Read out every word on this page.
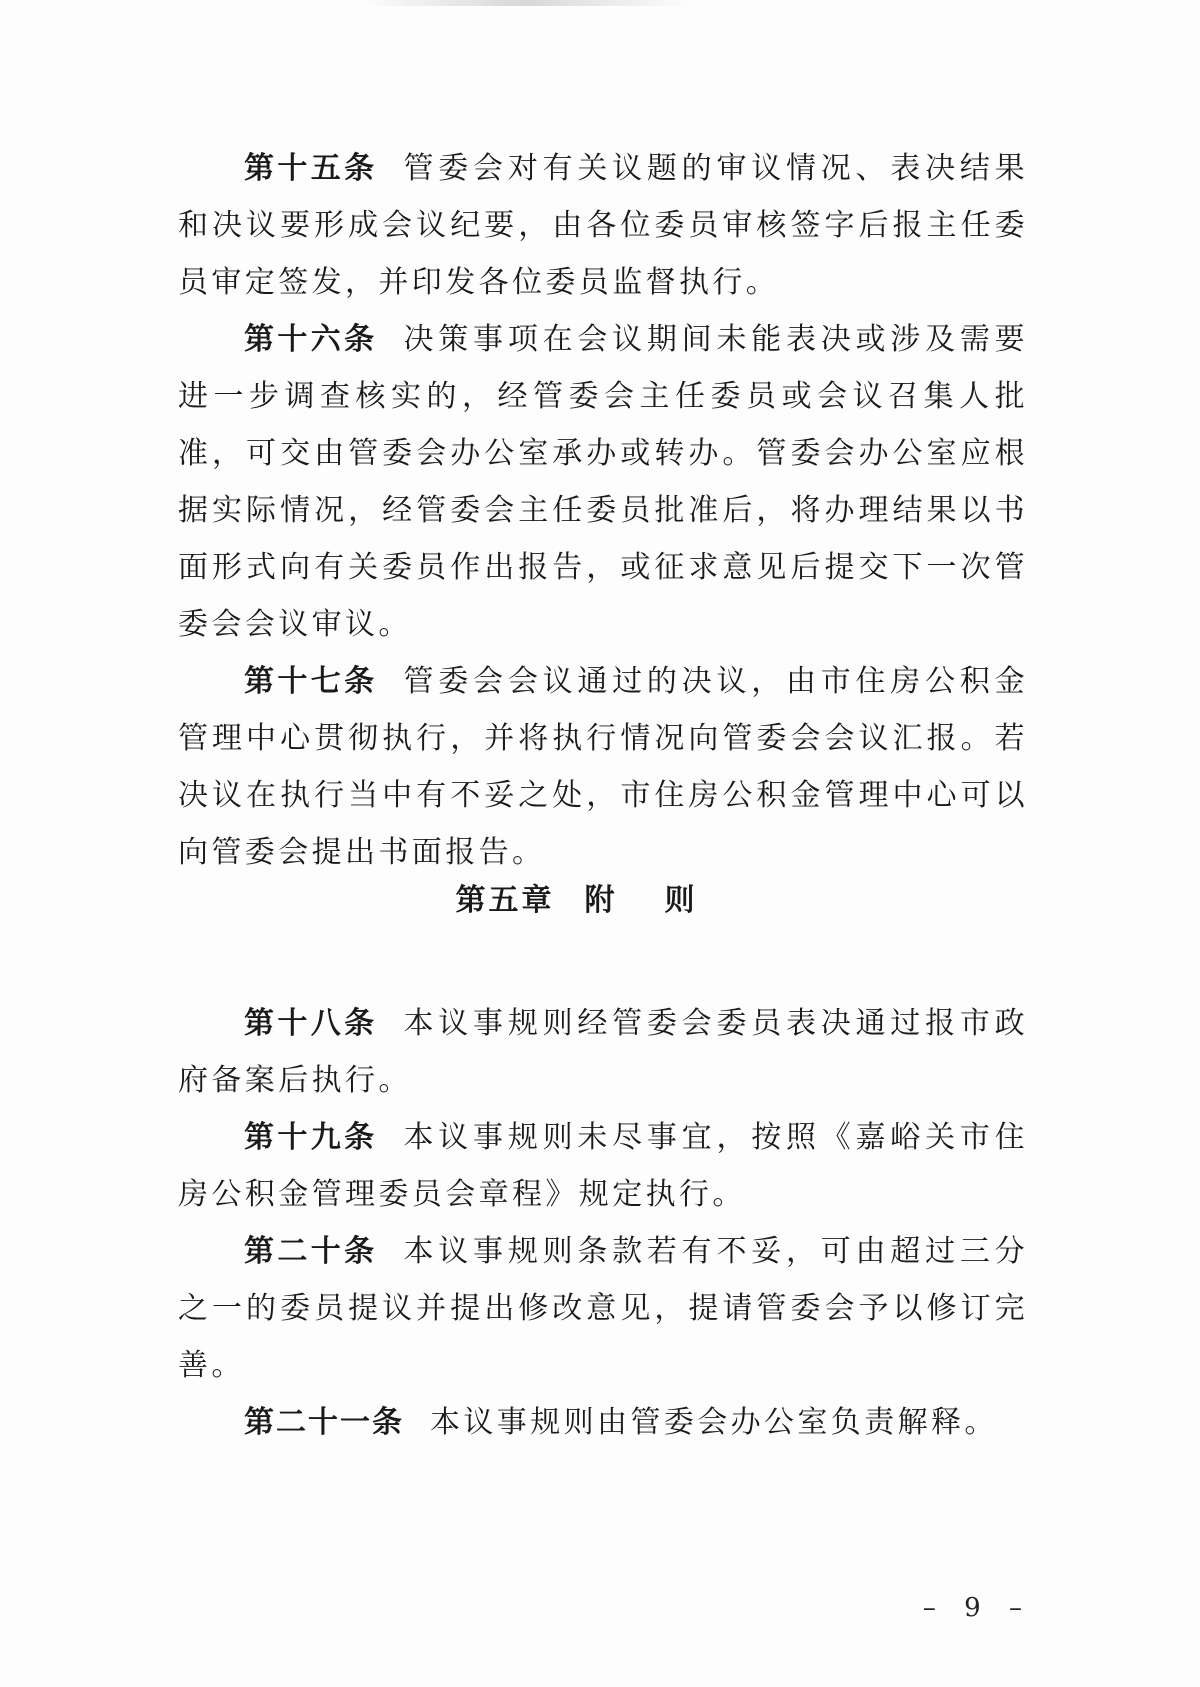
第十五条 管委会对有关议题的审议情况、表决结果和决议要形成会议纪要，由各位委员审核签字后报主任委员审定签发，并印发各位委员监督执行。

第十六条 决策事项在会议期间未能表决或涉及需要进一步调查核实的，经管委会主任委员或会议召集人批准，可交由管委会办公室承办或转办。管委会办公室应根据实际情况，经管委会主任委员批准后，将办理结果以书面形式向有关委员作出报告，或征求意见后提交下一次管委会会议审议。

第十七条 管委会会议通过的决议，由市住房公积金管理中心贯彻执行，并将执行情况向管委会会议汇报。若决议在执行当中有不妥之处，市住房公积金管理中心可以向管委会提出书面报告。

第五章 附则

第十八条 本议事规则经管委会委员表决通过报市政府备案后执行。

第十九条 本议事规则未尽事宜，按照《嘉峪关市住房公积金管理委员会章程》规定执行。

第二十条 本议事规则条款若有不妥，可由超过三分之一的委员提议并提出修改意见，提请管委会予以修订完善。

第二十一条 本议事规则由管委会办公室负责解释。

– 9 –
